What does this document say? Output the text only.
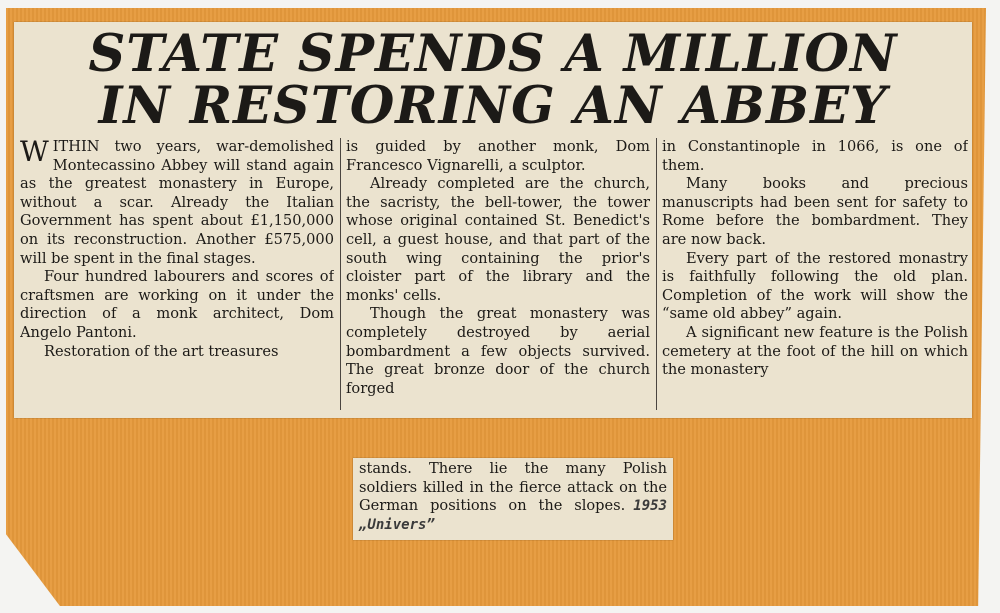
STATE SPENDS A MILLION
IN RESTORING AN ABBEY

WITHIN two years, war-demolished Montecassino Abbey will stand again as the greatest monastery in Europe, without a scar. Already the Italian Government has spent about £1,150,000 on its reconstruction. Another £575,000 will be spent in the final stages.

Four hundred labourers and scores of craftsmen are working on it under the direction of a monk architect, Dom Angelo Pantoni.

Restoration of the art treasures

is guided by another monk, Dom Francesco Vignarelli, a sculptor.

Already completed are the church, the sacristy, the bell-tower, the tower whose original contained St. Benedict's cell, a guest house, and that part of the south wing containing the prior's cloister part of the library and the monks' cells.

Though the great monastery was completely destroyed by aerial bombardment a few objects survived. The great bronze door of the church forged

in Constantinople in 1066, is one of them.

Many books and precious manuscripts had been sent for safety to Rome before the bombardment. They are now back.

Every part of the restored monastry is faithfully following the old plan. Completion of the work will show the “same old abbey” again.

A significant new feature is the Polish cemetery at the foot of the hill on which the monastery

stands. There lie the many Polish soldiers killed in the fierce attack on the German positions on the slopes. 1953 „Univers”
